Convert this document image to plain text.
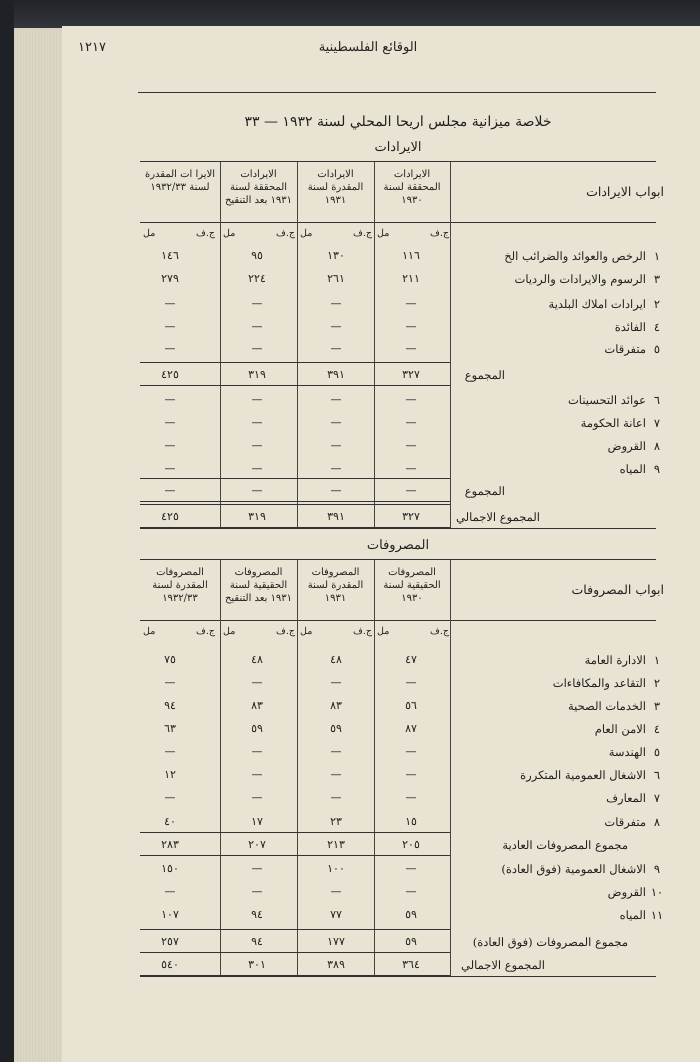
الوقائع الفلسطينية
١٢١٧
خلاصة ميزانية مجلس اريحا المحلي لسنة ١٩٣٢ — ٣٣
الايرادات
ابواب الايرادات
الايرادات المحققة لسنة ١٩٣٠
ج.ف
مل
الايرادات المقدرة لسنة ١٩٣١
ج.ف
مل
الايرادات المحققة لسنة ١٩٣١ بعد التنقيح
ج.ف
مل
الايرا ات المقدرة لسنة ١٩٣٢/٣٣
ج.ف
مل
١
الرخص والعوائد والضرائب الخ
١١٦
١٣٠
٩٥
١٤٦
٣
الرسوم والايرادات والرديات
٢١١
٢٦١
٢٢٤
٢٧٩
٢
ايرادات املاك البلدية
—
—
—
—
٤
الفائدة
—
—
—
—
٥
متفرقات
—
—
—
—
المجموع
٣٢٧
٣٩١
٣١٩
٤٢٥
٦
عوائد التحسينات
—
—
—
—
٧
اعانة الحكومة
—
—
—
—
٨
القروض
—
—
—
—
٩
المياه
—
—
—
—
المجموع
—
—
—
—
المجموع الاجمالي
٣٢٧
٣٩١
٣١٩
٤٢٥
المصروفات
ابواب المصروفات
المصروفات الحقيقية لسنة ١٩٣٠
ج.ف
مل
المصروفات المقدرة لسنة ١٩٣١
ج.ف
مل
المصروفات الحقيقية لسنة ١٩٣١ بعد التنقيح
ج.ف
مل
المصروفات المقدرة لسنة ١٩٣٢/٣٣
ج.ف
مل
١
الادارة العامة
٤٧
٤٨
٤٨
٧٥
٢
التقاعد والمكافاءات
—
—
—
—
٣
الخدمات الصحية
٥٦
٨٣
٨٣
٩٤
٤
الامن العام
٨٧
٥٩
٥٩
٦٣
٥
الهندسة
—
—
—
—
٦
الاشغال العمومية المتكررة
—
—
—
١٢
٧
المعارف
—
—
—
—
٨
متفرقات
١٥
٢٣
١٧
٤٠
مجموع المصروفات العادية
٢٠٥
٢١٣
٢٠٧
٢٨٣
٩
الاشغال العمومية (فوق العادة)
—
١٠٠
—
١٥٠
١٠
القروض
—
—
—
—
١١
المياه
٥٩
٧٧
٩٤
١٠٧
مجموع المصروفات (فوق العادة)
٥٩
١٧٧
٩٤
٢٥٧
المجموع الاجمالي
٣٦٤
٣٨٩
٣٠١
٥٤٠
